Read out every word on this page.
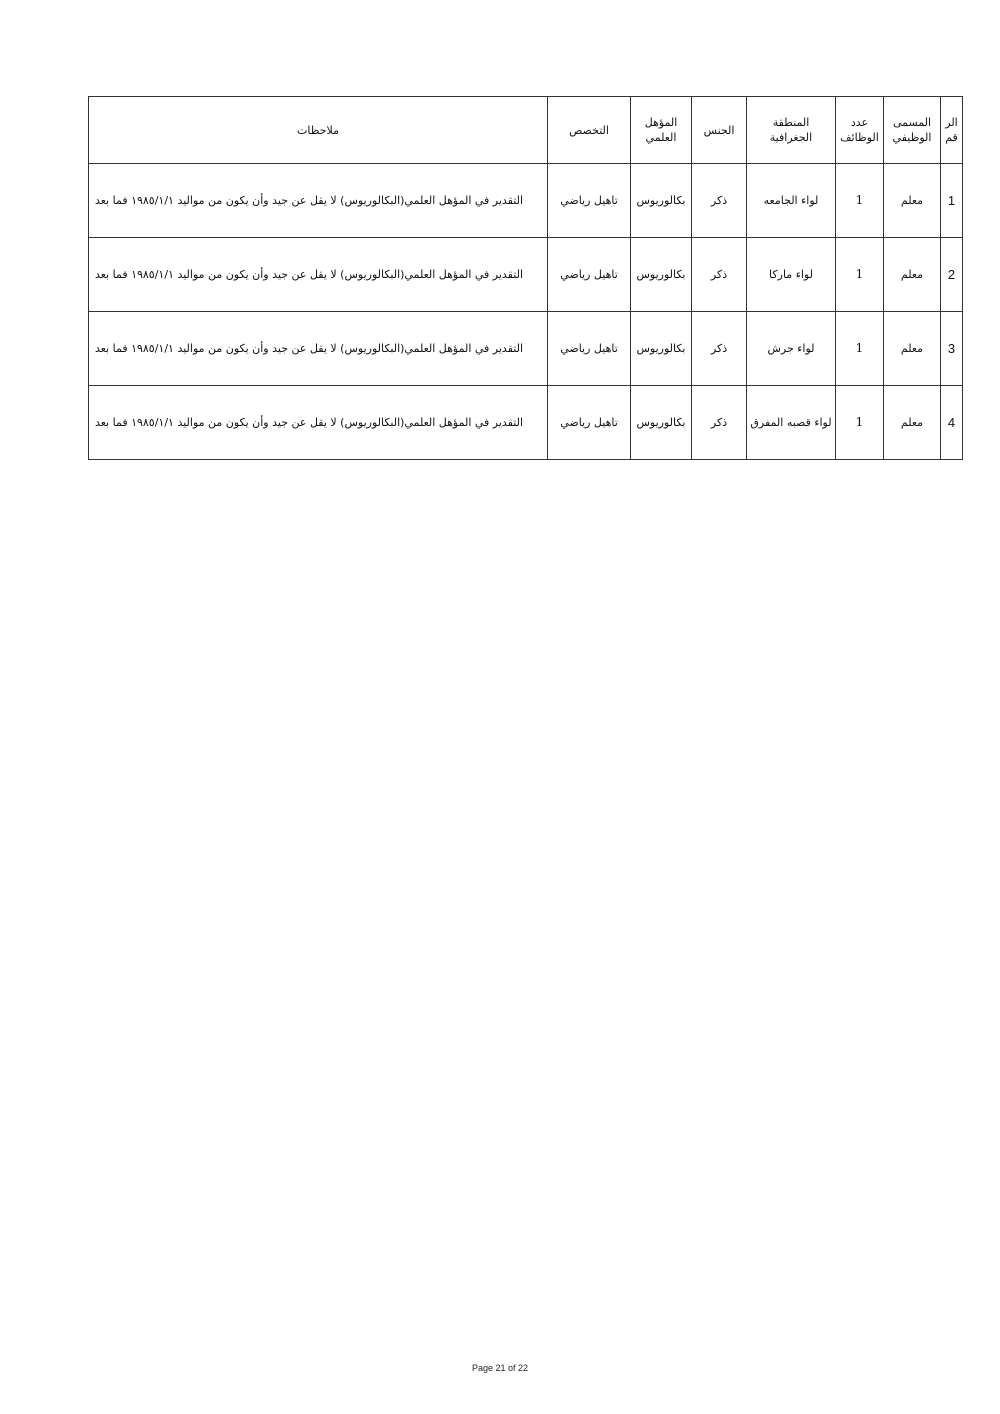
الر قم	المسمى الوظيفي	عدد الوظائف	المنطقة الجغرافية	الجنس	المؤهل العلمي	التخصص	ملاحظات
1	معلم	1	لواء الجامعه	ذكر	بكالوريوس	تاهيل رياضي	التقدير في المؤهل العلمي(البكالوريوس) لا يقل عن جيد وأن يكون من مواليد ١٩٨٥/١/١ فما بعد
2	معلم	1	لواء ماركا	ذكر	بكالوريوس	تاهيل رياضي	التقدير في المؤهل العلمي(البكالوريوس) لا يقل عن جيد وأن يكون من مواليد ١٩٨٥/١/١ فما بعد
3	معلم	1	لواء جرش	ذكر	بكالوريوس	تاهيل رياضي	التقدير في المؤهل العلمي(البكالوريوس) لا يقل عن جيد وأن يكون من مواليد ١٩٨٥/١/١ فما بعد
4	معلم	1	لواء قصبه المفرق	ذكر	بكالوريوس	تاهيل رياضي	التقدير في المؤهل العلمي(البكالوريوس) لا يقل عن جيد وأن يكون من مواليد ١٩٨٥/١/١ فما بعد
Page 21 of 22
